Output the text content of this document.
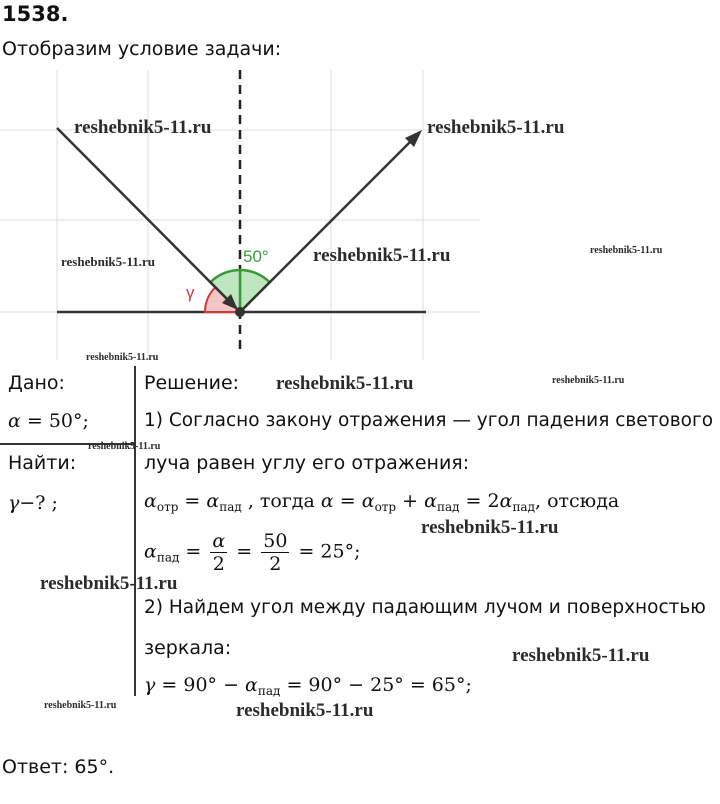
1538.
Отобразим условие задачи:
50°
γ
reshebnik5-11.ru	reshebnik5-11.ru
reshebnik5-11.ru	reshebnik5-11.ru	reshebnik5-11.ru
reshebnik5-11.ru
Дано:
α = 50°;
Найти:
γ−? ;
Решение: reshebnik5-11.ru	reshebnik5-11.ru
1) Согласно закону отражения — угол падения светового
reshebnik5-11.ru
луча равен углу его отражения:
$\alpha_{отр} = \alpha_{пад}$ , тогда $\alpha = \alpha_{отр} + \alpha_{пад} = 2\alpha_{пад}$, отсюда
reshebnik5-11.ru
$\alpha_{пад} = \frac{\alpha}{2} = \frac{50}{2} = 25^\circ$;
reshebnik5-11.ru
2) Найдем угол между падающим лучом и поверхностью
зеркала:	reshebnik5-11.ru
$\gamma = 90^\circ - \alpha_{пад} = 90^\circ - 25^\circ = 65^\circ$;
reshebnik5-11.ru	reshebnik5-11.ru
Ответ: 65°.
